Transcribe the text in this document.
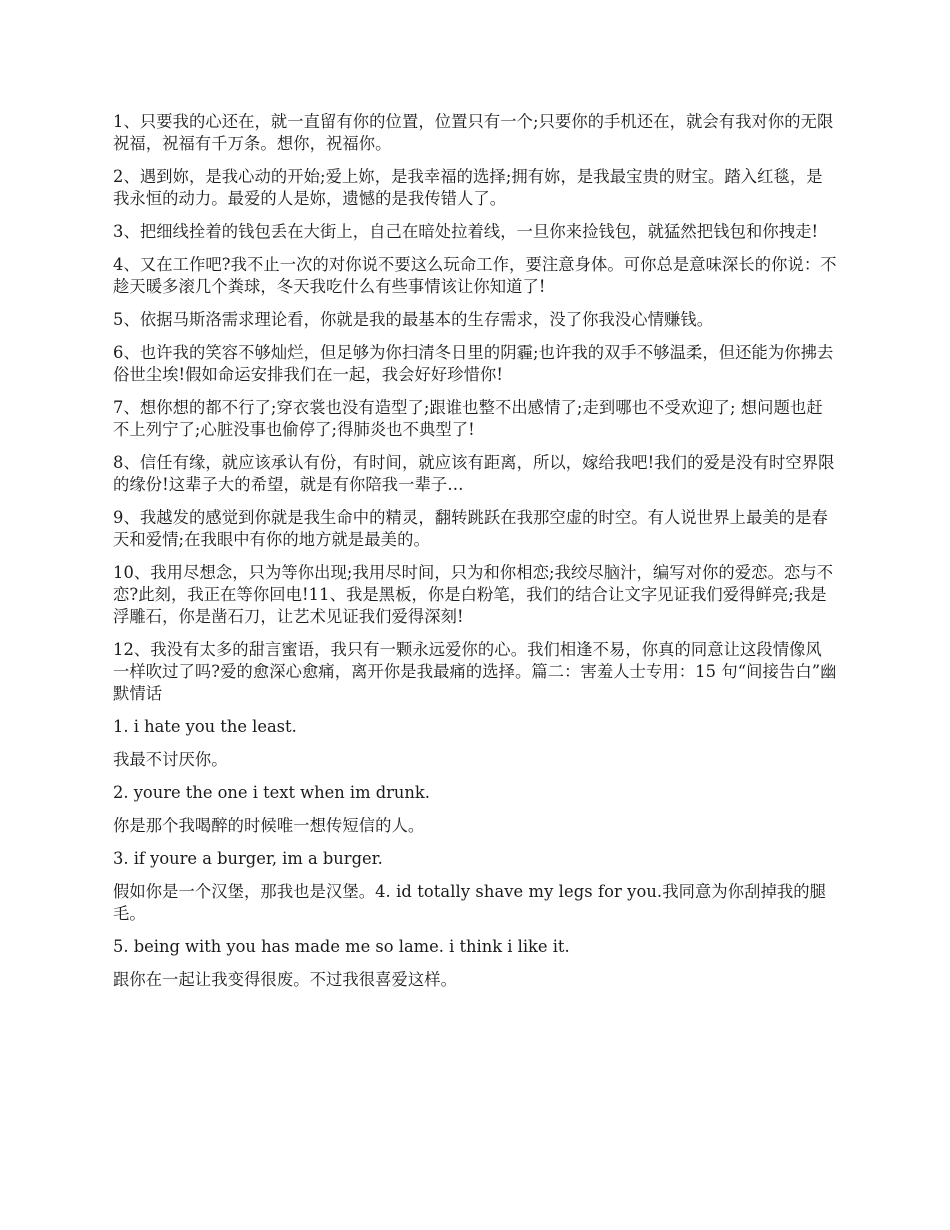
1、只要我的心还在，就一直留有你的位置，位置只有一个;只要你的手机还在，就会有我对你的无限祝福，祝福有千万条。想你，祝福你。

2、遇到妳，是我心动的开始;爱上妳，是我幸福的选择;拥有妳，是我最宝贵的财宝。踏入红毯，是我永恒的动力。最爱的人是妳，遗憾的是我传错人了。

3、把细线拴着的钱包丢在大街上，自己在暗处拉着线，一旦你来捡钱包，就猛然把钱包和你拽走!

4、又在工作吧?我不止一次的对你说不要这么玩命工作，要注意身体。可你总是意味深长的你说：不趁天暖多滚几个粪球，冬天我吃什么有些事情该让你知道了!

5、依据马斯洛需求理论看，你就是我的最基本的生存需求，没了你我没心情赚钱。

6、也许我的笑容不够灿烂，但足够为你扫清冬日里的阴霾;也许我的双手不够温柔，但还能为你拂去俗世尘埃!假如命运安排我们在一起，我会好好珍惜你!

7、想你想的都不行了;穿衣裳也没有造型了;跟谁也整不出感情了;走到哪也不受欢迎了; 想问题也赶不上列宁了;心脏没事也偷停了;得肺炎也不典型了!

8、信任有缘，就应该承认有份，有时间，就应该有距离，所以，嫁给我吧!我们的爱是没有时空界限的缘份!这辈子大的希望，就是有你陪我一辈子…

9、我越发的感觉到你就是我生命中的精灵，翻转跳跃在我那空虚的时空。有人说世界上最美的是春天和爱情;在我眼中有你的地方就是最美的。

10、我用尽想念，只为等你出现;我用尽时间，只为和你相恋;我绞尽脑汁，编写对你的爱恋。恋与不恋?此刻，我正在等你回电!11、我是黑板，你是白粉笔，我们的结合让文字见证我们爱得鲜亮;我是浮雕石，你是凿石刀，让艺术见证我们爱得深刻!

12、我没有太多的甜言蜜语，我只有一颗永远爱你的心。我们相逢不易，你真的同意让这段情像风一样吹过了吗?爱的愈深心愈痛，离开你是我最痛的选择。篇二：害羞人士专用：15 句“间接告白”幽默情话

1. i hate you the least.

我最不讨厌你。

2. youre the one i text when im drunk.

你是那个我喝醉的时候唯一想传短信的人。

3. if youre a burger, im a burger.

假如你是一个汉堡，那我也是汉堡。4. id totally shave my legs for you.我同意为你刮掉我的腿毛。

5. being with you has made me so lame. i think i like it.

跟你在一起让我变得很废。不过我很喜爱这样。
